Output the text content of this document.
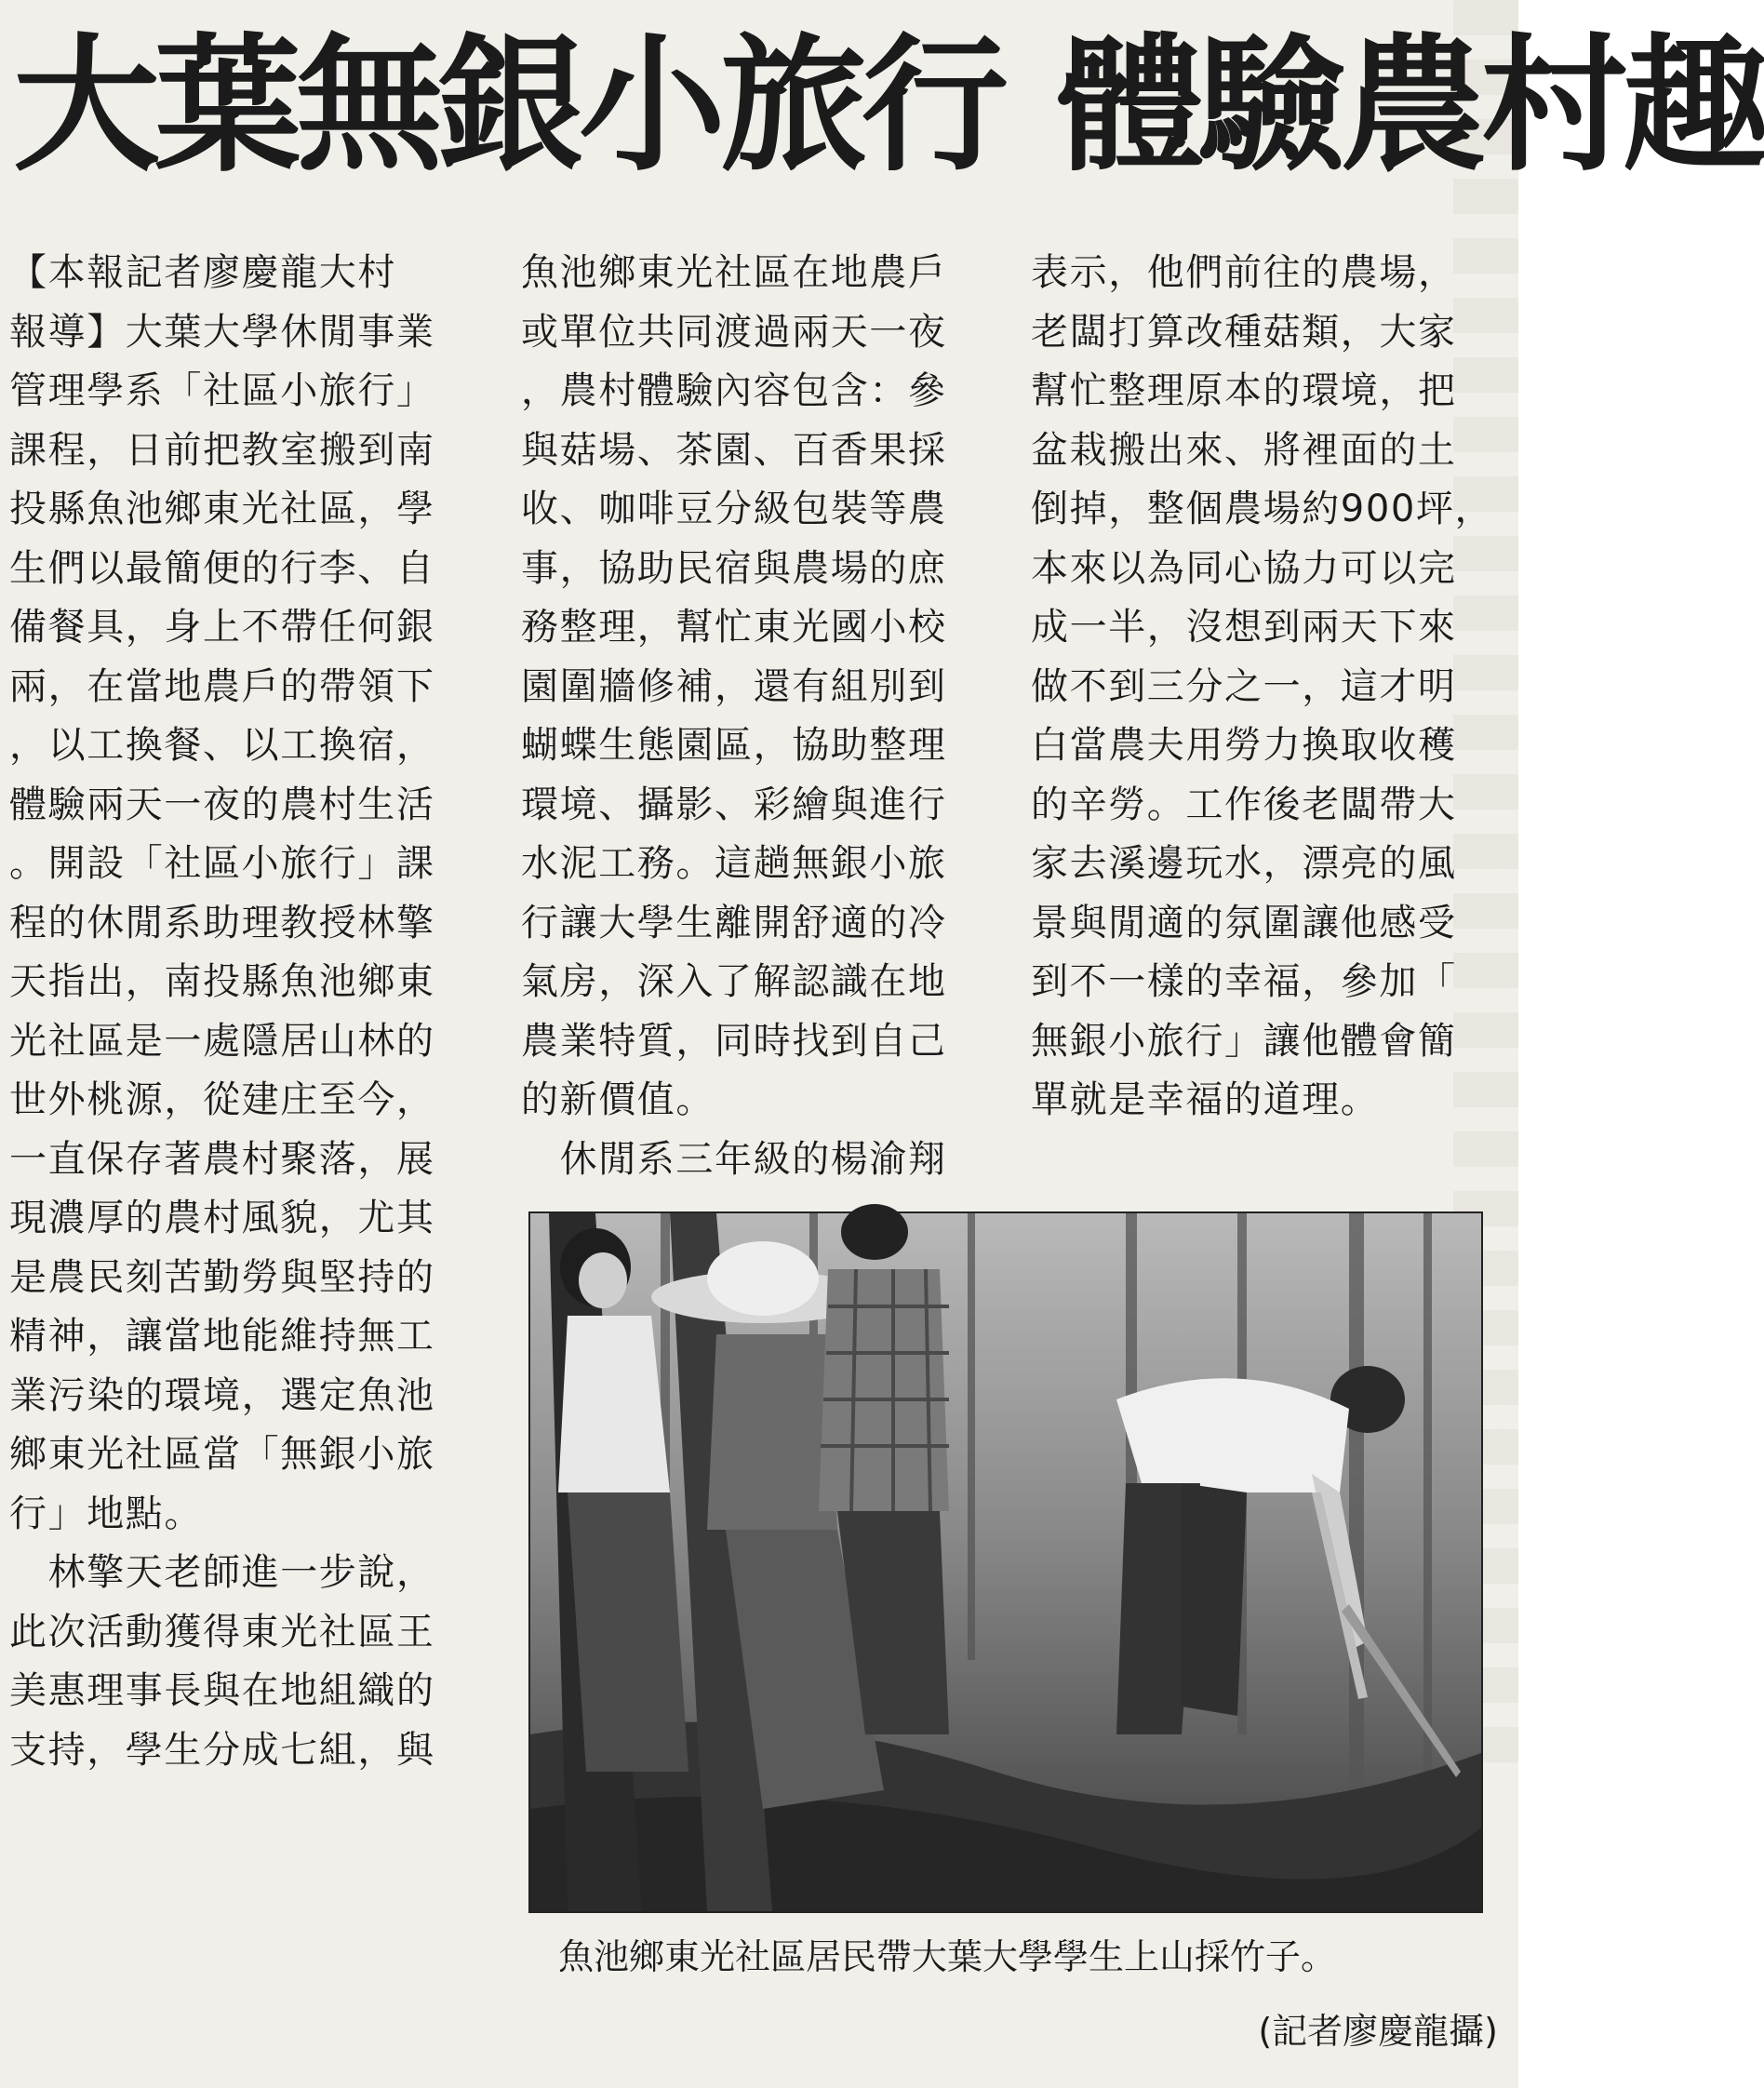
大葉無銀小旅行 體驗農村趣
【本報記者廖慶龍大村
報導】大葉大學休閒事業
管理學系「社區小旅行」
課程，日前把教室搬到南
投縣魚池鄉東光社區，學
生們以最簡便的行李、自
備餐具，身上不帶任何銀
兩，在當地農戶的帶領下
，以工換餐、以工換宿，
體驗兩天一夜的農村生活
。開設「社區小旅行」課
程的休閒系助理教授林擎
天指出，南投縣魚池鄉東
光社區是一處隱居山林的
世外桃源，從建庄至今，
一直保存著農村聚落，展
現濃厚的農村風貌，尤其
是農民刻苦勤勞與堅持的
精神，讓當地能維持無工
業污染的環境，選定魚池
鄉東光社區當「無銀小旅
行」地點。
　林擎天老師進一步說，
此次活動獲得東光社區王
美惠理事長與在地組織的
支持，學生分成七組，與
魚池鄉東光社區在地農戶
或單位共同渡過兩天一夜
，農村體驗內容包含：參
與菇場、茶園、百香果採
收、咖啡豆分級包裝等農
事，協助民宿與農場的庶
務整理，幫忙東光國小校
園圍牆修補，還有組別到
蝴蝶生態園區，協助整理
環境、攝影、彩繪與進行
水泥工務。這趟無銀小旅
行讓大學生離開舒適的冷
氣房，深入了解認識在地
農業特質，同時找到自己
的新價值。
　休閒系三年級的楊渝翔
表示，他們前往的農場，
老闆打算改種菇類，大家
幫忙整理原本的環境，把
盆栽搬出來、將裡面的土
倒掉，整個農場約900坪，
本來以為同心協力可以完
成一半，沒想到兩天下來
做不到三分之一，這才明
白當農夫用勞力換取收穫
的辛勞。工作後老闆帶大
家去溪邊玩水，漂亮的風
景與閒適的氛圍讓他感受
到不一樣的幸福，參加「
無銀小旅行」讓他體會簡
單就是幸福的道理。
魚池鄉東光社區居民帶大葉大學學生上山採竹子。
(記者廖慶龍攝)
